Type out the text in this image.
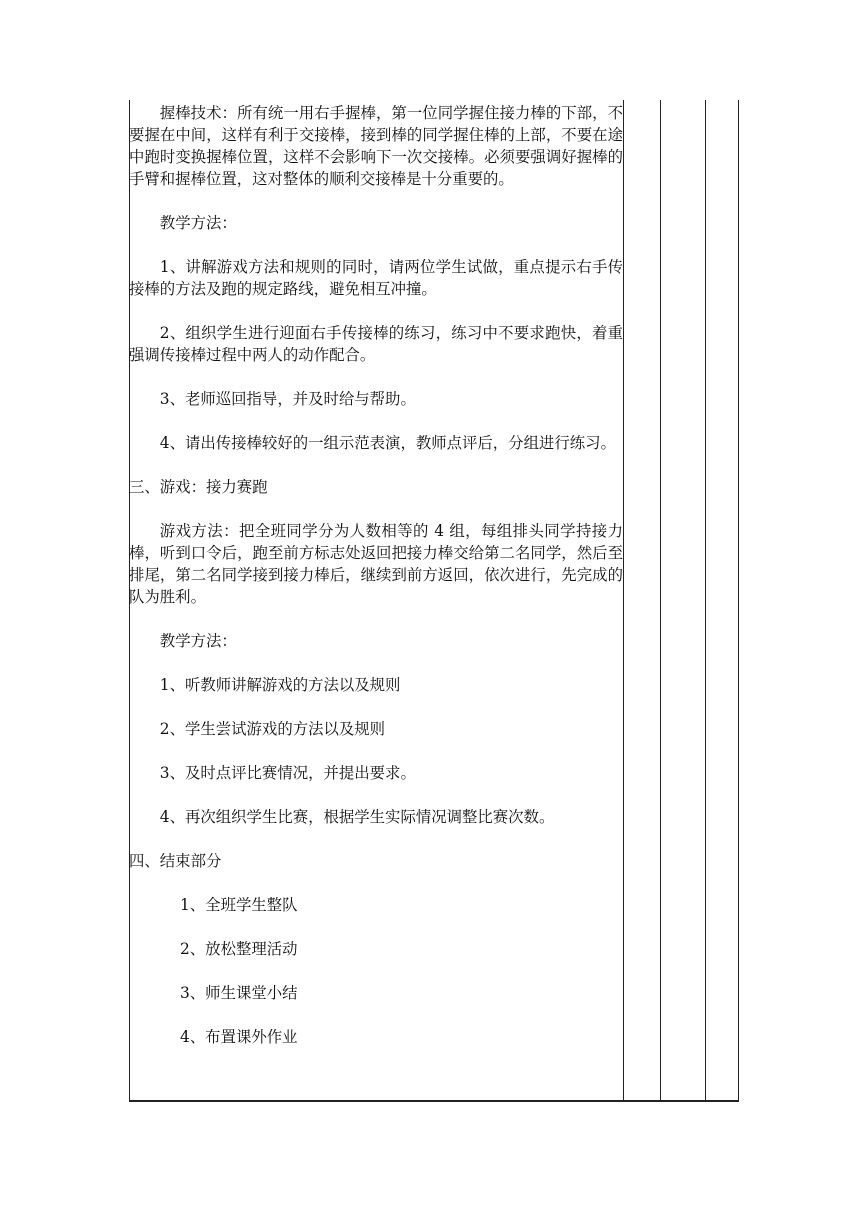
握棒技术：所有统一用右手握棒，第一位同学握住接力棒的下部，不要握在中间，这样有利于交接棒，接到棒的同学握住棒的上部，不要在途中跑时变换握棒位置，这样不会影响下一次交接棒。必须要强调好握棒的手臂和握棒位置，这对整体的顺利交接棒是十分重要的。

教学方法：

1、讲解游戏方法和规则的同时，请两位学生试做，重点提示右手传接棒的方法及跑的规定路线，避免相互冲撞。

2、组织学生进行迎面右手传接棒的练习，练习中不要求跑快，着重强调传接棒过程中两人的动作配合。

3、老师巡回指导，并及时给与帮助。

4、请出传接棒较好的一组示范表演，教师点评后，分组进行练习。

三、游戏：接力赛跑

游戏方法：把全班同学分为人数相等的 4 组，每组排头同学持接力棒，听到口令后，跑至前方标志处返回把接力棒交给第二名同学，然后至排尾，第二名同学接到接力棒后，继续到前方返回，依次进行，先完成的队为胜利。

教学方法：

1、听教师讲解游戏的方法以及规则

2、学生尝试游戏的方法以及规则

3、及时点评比赛情况，并提出要求。

4、再次组织学生比赛，根据学生实际情况调整比赛次数。

四、结束部分

1、全班学生整队

2、放松整理活动

3、师生课堂小结

4、布置课外作业
